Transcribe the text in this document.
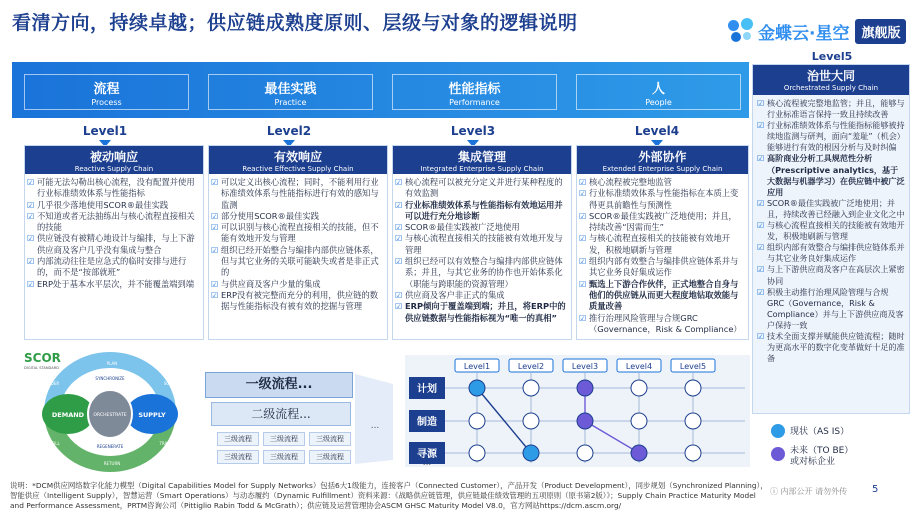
看清方向，持续卓越；供应链成熟度原则、层级与对象的逻辑说明	金蝶云·星空 旗舰版
流程
Process
最佳实践
Practice
性能指标
Performance
人
People
Level1	Level2	Level3	Level4
被动响应
Reactive Supply Chain
☑ 可能无法勾勒出核心流程，没有配置并使用行业标准绩效体系与性能指标
☑ 几乎很少落地使用SCOR®最佳实践
☑ 不知道或者无法抽练出与核心流程直接相关的技能
☑ 供应链没有被精心地设计与编排，与上下游供应商及客户几乎没有集成与整合
☑ 内部流动往往是应急式的临时安排与进行的，而不是“按部就班”
☑ ERP处于基本水平层次，并不能覆盖端到端
有效响应
Reactive Effective Supply Chain
☑ 可以定义出核心流程；同时，不能利用行业标准绩效体系与性能指标进行有效的感知与监测
☑ 部分使用SCOR®最佳实践
☑ 可以识别与核心流程直接相关的技能，但不能有效地开发与管理
☑ 组织已经开始整合与编排内部供应链体系，但与其它业务的关联可能缺失或者是非正式的
☑ 与供应商及客户少量的集成
☑ ERP没有被完整而充分的利用，供应链的数据与性能指标没有被有效的挖掘与管理
集成管理
Integrated Enterprise Supply Chain
☑ 核心流程可以被充分定义并进行某种程度的有效监测
☑ 行业标准绩效体系与性能指标有效地运用并可以进行充分地诊断
☑ SCOR®最佳实践被广泛地使用
☑ 与核心流程直接相关的技能被有效地开发与管理
☑ 组织已经可以有效整合与编排内部供应链体系；并且，与其它业务的协作也开始体系化（职能与跨职能的资源管理）
☑ 供应商及客户非正式的集成
☑ ERP倾向于覆盖端到端；并且，将ERP中的供应链数据与性能指标视为“唯一的真相”
外部协作
Extended Enterprise Supply Chain
☑ 核心流程被完整地监管
☑ 行业标准绩效体系与性能指标在本质上变得更具前瞻性与预测性
☑ SCOR®最佳实践被广泛地使用；并且，持续改善“因需而生”
☑ 与核心流程直接相关的技能被有效地开发，积极地刷新与管理
☑ 组织内部有效整合与编排供应链体系并与其它业务良好集成运作
☑ 甄选上下游合作伙伴，正式地整合自身与他们的供应链从而更大程度地钻取效能与质量改善
☑ 推行治理风险管理与合规GRC（Governance，Risk & Compliance）
Level5
治世大同
Orchestrated Supply Chain
☑ 核心流程被完整地监管；并且，能够与行业标准语言保持一致且持续改善
☑ 行业标准绩效体系与性能指标能够被持续地监测与研判，面向“羞耻”（机会）能够进行有效的根因分析与及时纠偏
☑ 高阶商业分析工具规范性分析（Prescriptive analytics，基于大数据与机器学习）在供应链中被广泛应用
☑ SCOR®最佳实践被广泛地使用；并且，持续改善已经融入到企业文化之中
☑ 与核心流程直接相关的技能被有效地开发，积极地刷新与管理
☑ 组织内部有效整合与编排供应链体系并与其它业务良好集成运作
☑ 与上下游供应商及客户在高层次上紧密协同
☑ 积极主动推行治理风险管理与合规GRC（Governance，Risk & Compliance）并与上下游供应商及客户保持一致
☑ 技术全面支撑并赋能供应链流程；随时为更高水平的数字化变革做好十足的准备
SCOR
DIGITAL STANDARD
DEMAND	SUPPLY
ORCHESTRATE
PLAN
SYNCHRONIZE
SOURCE
TRANSFORM
FULFILL
REGENERATE
RETURN
ORDER	一级流程...
二级流程...
三级流程	三级流程	三级流程
三级流程	三级流程	三级流程
...
Level1	Level2	Level3	Level4	Level5
计划
制造
寻源
...
现状（AS IS）
未来（TO BE） 或对标企业
说明：*DCM供应网络数字化能力模型（Digital Capabilities Model for Supply Networks）包括6大1级能力，连接客户（Connected Customer），产品开发（Product Development），同步规划（Synchronized Planning），智能供应（Intelligent Supply），智慧运营（Smart Operations）与动态履约（Dynamic Fulfillment）资料来源：《战略供应链管理，供应链最佳绩效管理的五项原则（原书第2版）》；Supply Chain Practice Maturity Model and Performance Assessment，PRTM咨询公司（Pittiglio Rabin Todd & McGrath）；供应链及运营管理协会ASCM GHSC Maturity Model V8.0，官方网站https://dcm.ascm.org/
ⓘ 内部公开 请勿外传 5
